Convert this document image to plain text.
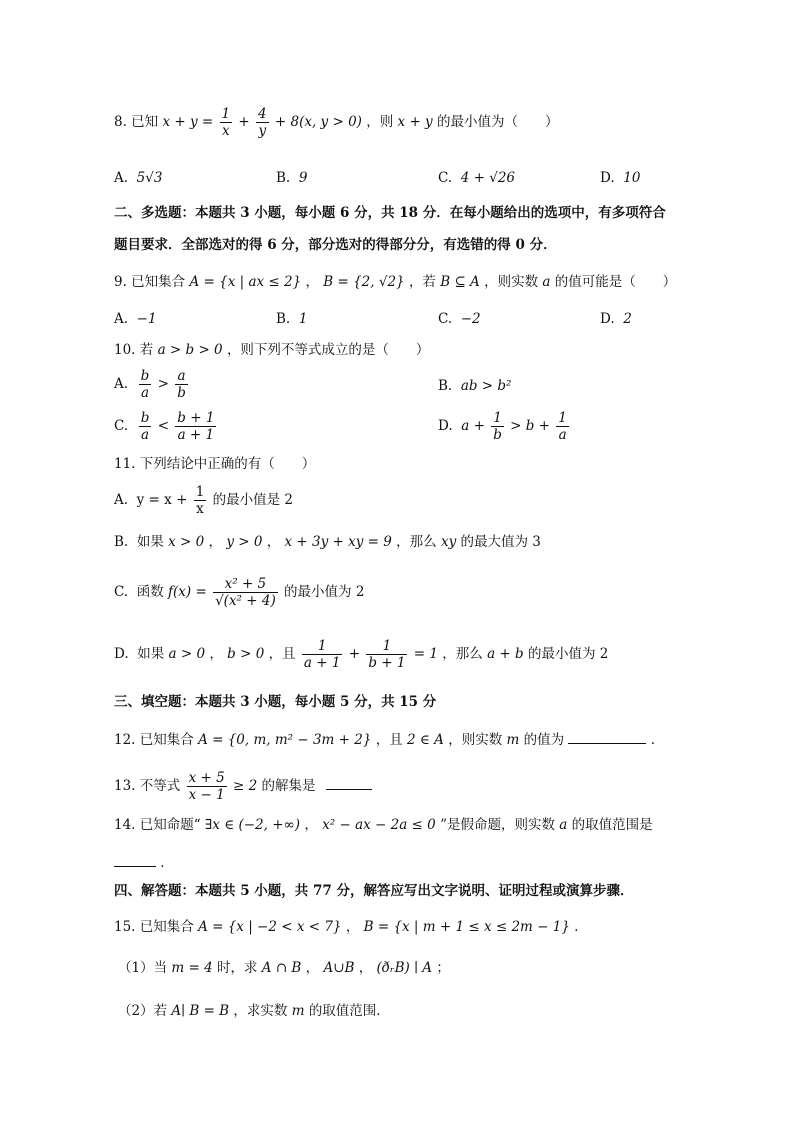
8. 已知 $x + y = \frac{1}{x} + \frac{4}{y} + 8(x$, y > 0) ，则 x + y 的最小值为（　　）
A. 5√3	B. 9	C. 4 + √26	D. 10
二、多选题：本题共 3 小题，每小题 6 分，共 18 分．在每小题给出的选项中，有多项符合
题目要求．全部选对的得 6 分，部分选对的得部分分，有选错的得 0 分．
9. 已知集合 A = {x | ax ≤ 2} ， B = {2, √2} ，若 B ⊆ A ，则实数 a 的值可能是（　　）
A. −1	B. 1	C. −2	D. 2
10. 若 a > b > 0 ，则下列不等式成立的是（　　）
A. $\frac{b}{a} > \frac{a}{b}$	B. ab > b²
C. $\frac{b}{a} < \frac{b + 1}{a + 1}$	D. $a + \frac{1}{b} > b + \frac{1}{a}$
11. 下列结论中正确的有（　　）
A. $y = x + \frac{1}{x}$ 的最小值是 2
B. 如果 x > 0 ， y > 0 ， x + 3y + xy = 9 ，那么 xy 的最大值为 3
C. 函数 $f(x) = \frac{\text{x² + 5}}{\text{√(x² + 4)}}$ 的最小值为 2
D. 如果 a > 0 ， b > 0 ，且 $\frac{1}{a + 1} + \frac{1}{b + 1} = 1$ ，那么 a + b 的最小值为 2
三、填空题：本题共 3 小题，每小题 5 分，共 15 分
12. 已知集合 A = {0, m, m² − 3m + 2} ，且 2 ∈ A ，则实数 m 的值为	.
13. 不等式 $\frac{x + 5}{x - 1} \ge 2$ 的解集是
14. 已知命题“ ∃x ∈ (−2, +∞) ， x² − ax − 2a ≤ 0 ”是假命题，则实数 a 的取值范围是
．
四、解答题：本题共 5 小题，共 77 分，解答应写出文字说明、证明过程或演算步骤．
15. 已知集合 A = {x | −2 < x < 7} ， B = {x | m + 1 ≤ x ≤ 2m − 1} ．
（1）当 m = 4 时，求 A ∩ B ， A∪B ， (ðᵣB) ∣ A ；
（2）若 A∣ B = B ，求实数 m 的取值范围．
